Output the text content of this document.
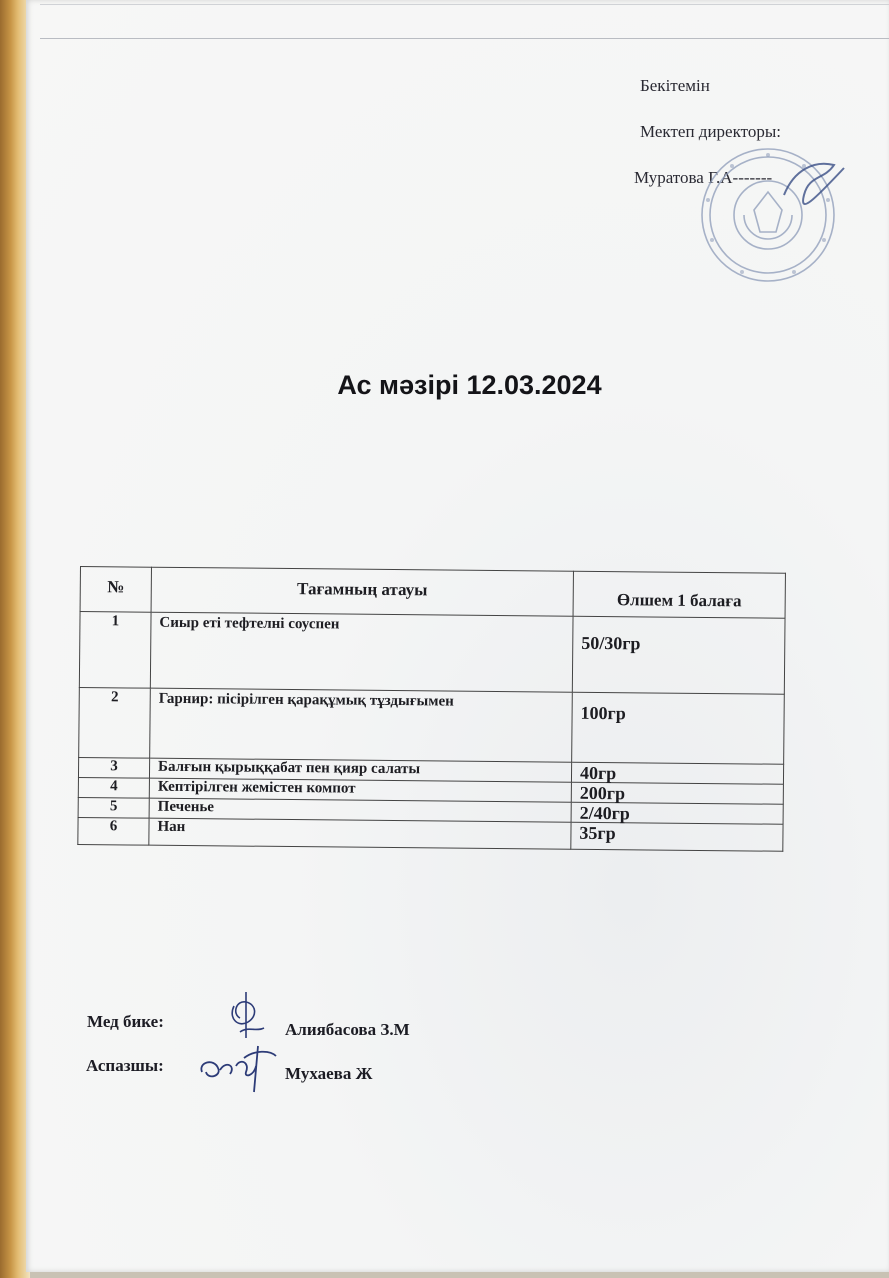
Бекітемін
Мектеп директоры:
Муратова Г.А-------
Ас мәзірі 12.03.2024
№	Тағамның атауы	Өлшем 1 балаға
1	Сиыр еті тефтелні соуспен	50/30гр
2	Гарнир: пісірілген қарақұмық тұздығымен	100гр
3	Балғын қырыққабат пен қияр салаты	40гр
4	Кептірілген жемістен компот	200гр
5	Печенье	2/40гр
6	Нан	35гр
Мед бике:	Алиябасова З.М
Аспазшы:	Мухаева Ж
